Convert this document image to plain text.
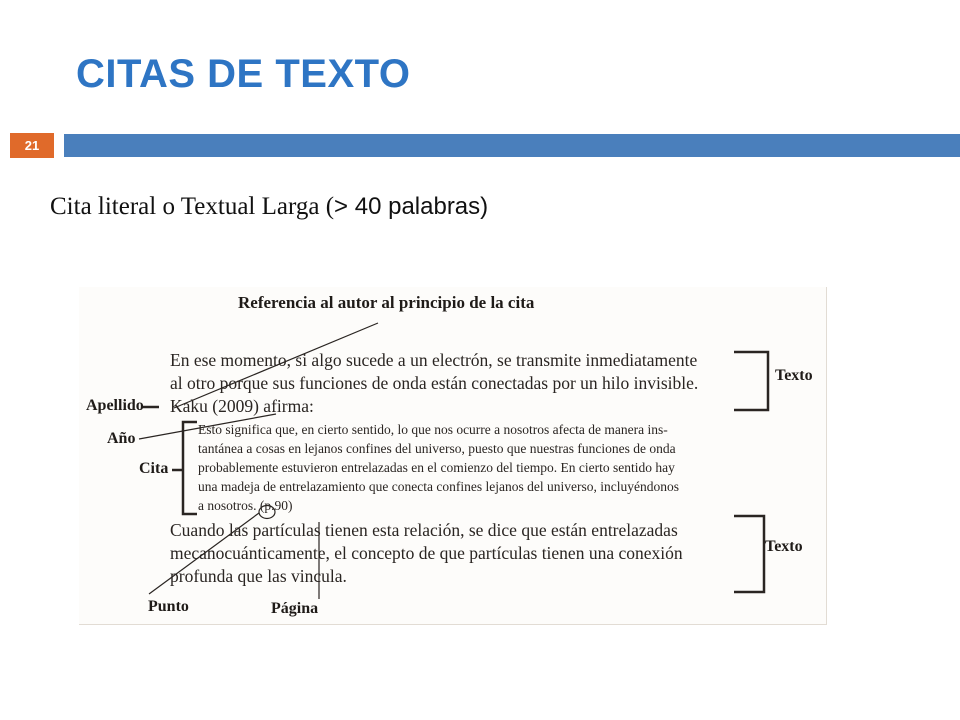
CITAS DE TEXTO
21
Cita literal o Textual Larga (> 40 palabras)

Referencia al autor al principio de la cita

En ese momento, si algo sucede a un electrón, se transmite inmediatamente

al otro porque sus funciones de onda están conectadas por un hilo invisible.

Kaku (2009) afirma:

Esto significa que, en cierto sentido, lo que nos ocurre a nosotros afecta de manera ins-

tantánea a cosas en lejanos confines del universo, puesto que nuestras funciones de onda

probablemente estuvieron entrelazadas en el comienzo del tiempo. En cierto sentido hay

una madeja de entrelazamiento que conecta confines lejanos del universo, incluyéndonos

a nosotros. (p.90)

Cuando las partículas tienen esta relación, se dice que están entrelazadas

mecanocuánticamente, el concepto de que partículas tienen una conexión

profunda que las vincula.

Apellido

Año

Cita

Punto	Página

Texto

Texto
